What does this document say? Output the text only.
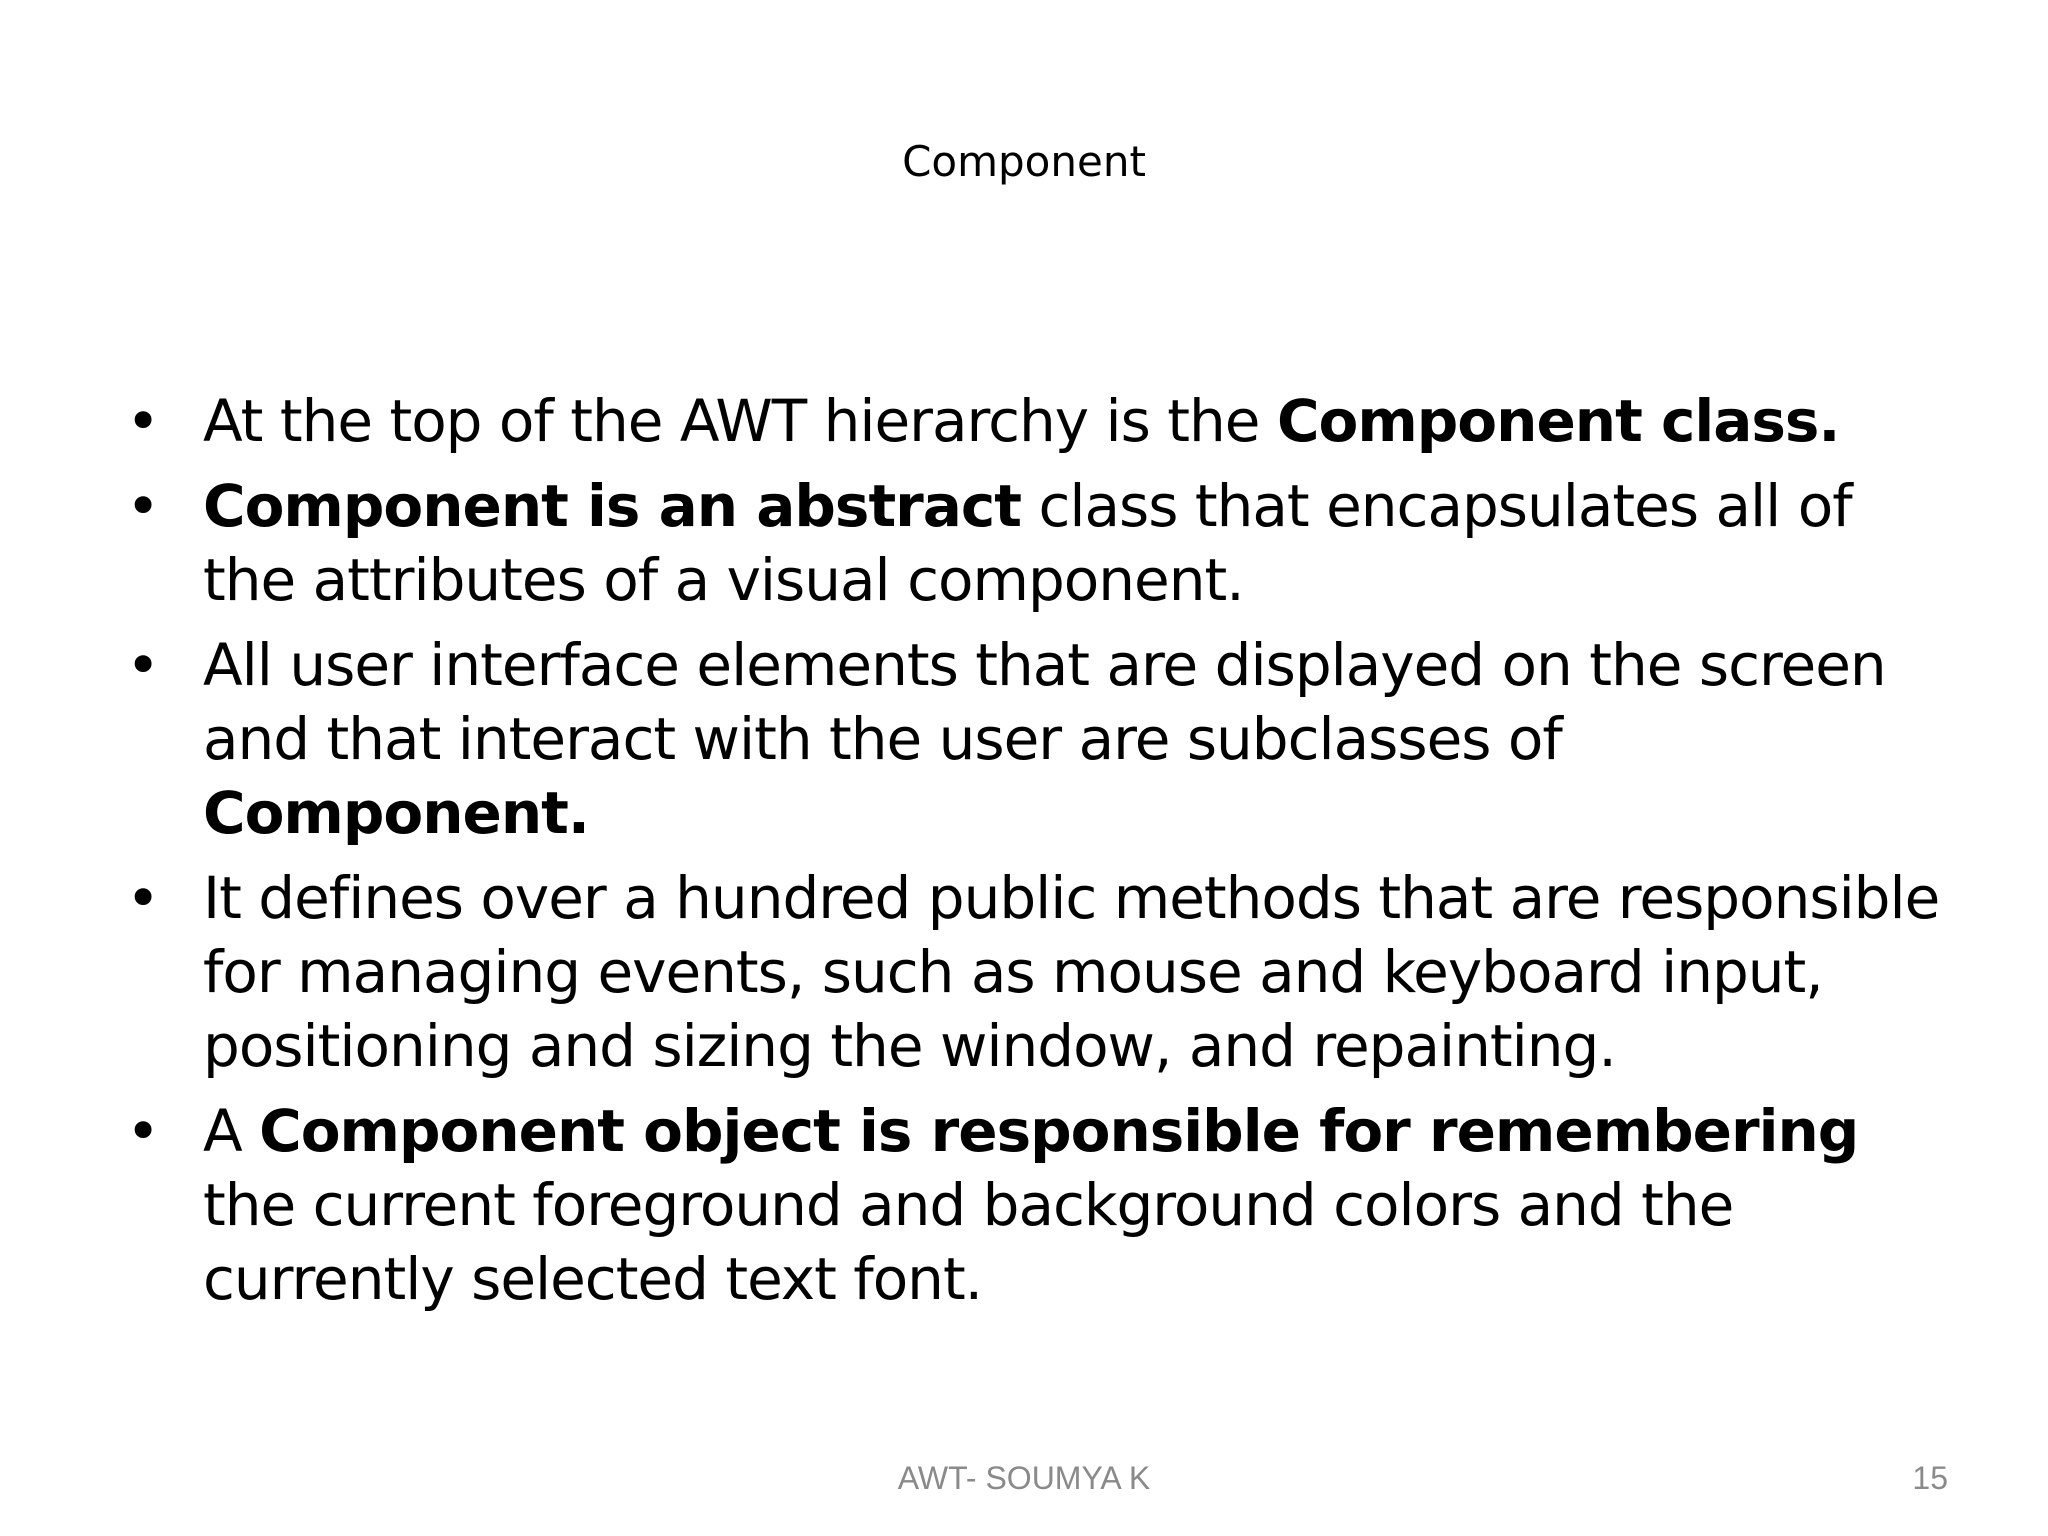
Component
• At the top of the AWT hierarchy is the Component class.
• Component is an abstract class that encapsulates all of the attributes of a visual component.
• All user interface elements that are displayed on the screen and that interact with the user are subclasses of Component.
• It defines over a hundred public methods that are responsible for managing events, such as mouse and keyboard input, positioning and sizing the window, and repainting.
• A Component object is responsible for remembering the current foreground and background colors and the currently selected text font.
AWT- SOUMYA K	15
